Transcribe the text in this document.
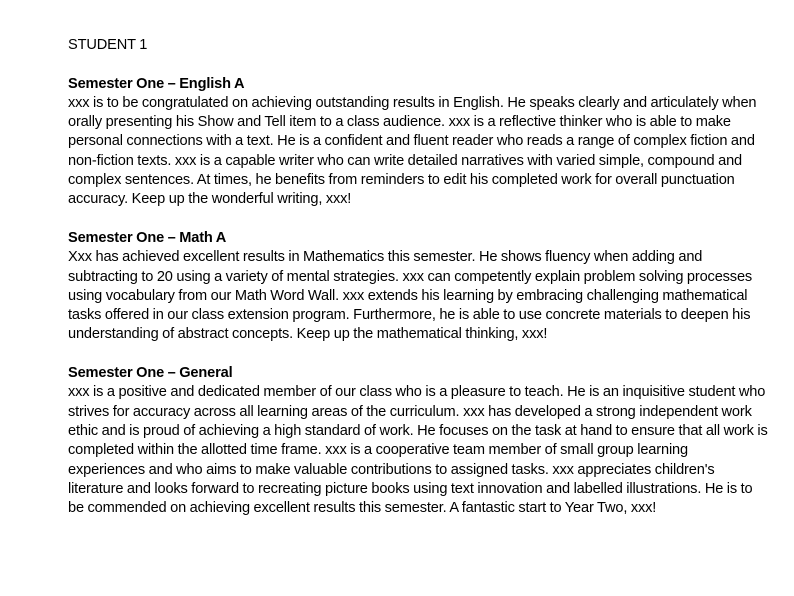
STUDENT 1

Semester One – English A

xxx is to be congratulated on achieving outstanding results in English. He speaks clearly and articulately when orally presenting his Show and Tell item to a class audience. xxx is a reflective thinker who is able to make personal connections with a text. He is a confident and fluent reader who reads a range of complex fiction and non-fiction texts. xxx is a capable writer who can write detailed narratives with varied simple, compound and complex sentences. At times, he benefits from reminders to edit his completed work for overall punctuation accuracy. Keep up the wonderful writing, xxx!

Semester One – Math A

Xxx has achieved excellent results in Mathematics this semester. He shows fluency when adding and subtracting to 20 using a variety of mental strategies. xxx can competently explain problem solving processes using vocabulary from our Math Word Wall. xxx extends his learning by embracing challenging mathematical tasks offered in our class extension program. Furthermore, he is able to use concrete materials to deepen his understanding of abstract concepts. Keep up the mathematical thinking, xxx!

Semester One – General

xxx is a positive and dedicated member of our class who is a pleasure to teach. He is an inquisitive student who strives for accuracy across all learning areas of the curriculum. xxx has developed a strong independent work ethic and is proud of achieving a high standard of work. He focuses on the task at hand to ensure that all work is completed within the allotted time frame. xxx is a cooperative team member of small group learning experiences and who aims to make valuable contributions to assigned tasks. xxx appreciates children's literature and looks forward to recreating picture books using text innovation and labelled illustrations. He is to be commended on achieving excellent results this semester. A fantastic start to Year Two, xxx!
